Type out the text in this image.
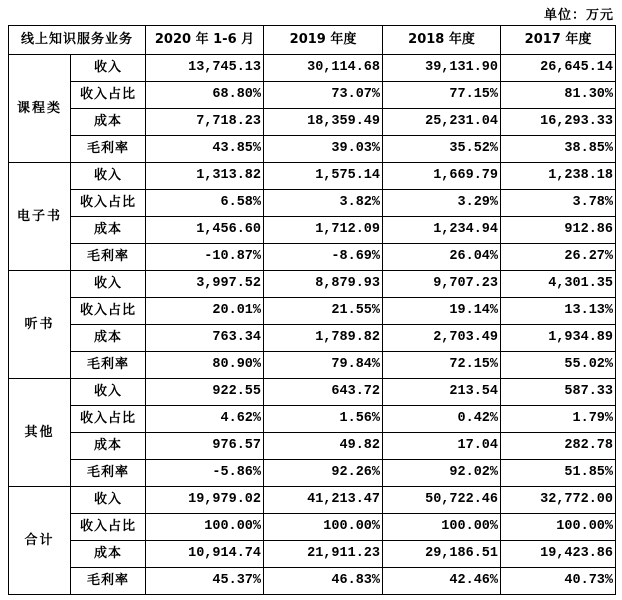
单位：万元
线上知识服务业务		2020 年 1-6 月	2019 年度	2018 年度	2017 年度
课程类	收入	13,745.13	30,114.68	39,131.90	26,645.14
	收入占比	68.80%	73.07%	77.15%	81.30%
	成本	7,718.23	18,359.49	25,231.04	16,293.33
	毛利率	43.85%	39.03%	35.52%	38.85%
电子书	收入	1,313.82	1,575.14	1,669.79	1,238.18
	收入占比	6.58%	3.82%	3.29%	3.78%
	成本	1,456.60	1,712.09	1,234.94	912.86
	毛利率	-10.87%	-8.69%	26.04%	26.27%
听书	收入	3,997.52	8,879.93	9,707.23	4,301.35
	收入占比	20.01%	21.55%	19.14%	13.13%
	成本	763.34	1,789.82	2,703.49	1,934.89
	毛利率	80.90%	79.84%	72.15%	55.02%
其他	收入	922.55	643.72	213.54	587.33
	收入占比	4.62%	1.56%	0.42%	1.79%
	成本	976.57	49.82	17.04	282.78
	毛利率	-5.86%	92.26%	92.02%	51.85%
合计	收入	19,979.02	41,213.47	50,722.46	32,772.00
	收入占比	100.00%	100.00%	100.00%	100.00%
	成本	10,914.74	21,911.23	29,186.51	19,423.86
	毛利率	45.37%	46.83%	42.46%	40.73%
